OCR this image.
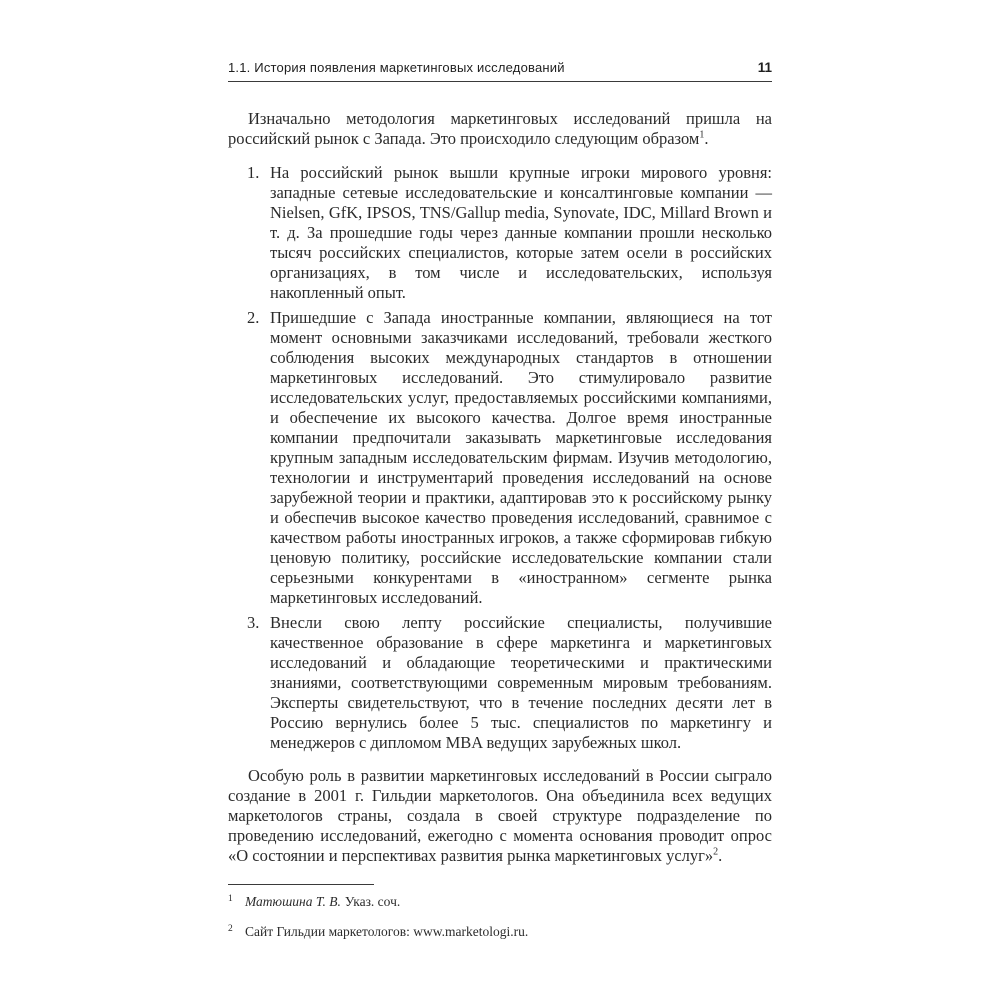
1.1. История появления маркетинговых исследований	11

Изначально методология маркетинговых исследований пришла на российский рынок с Запада. Это происходило следующим образом$^1$.

1. На российский рынок вышли крупные игроки мирового уровня: западные сетевые исследовательские и консалтинговые компании — Nielsen, GfK, IPSOS, TNS/Gallup media, Synovate, IDC, Millard Brown и т. д. За прошедшие годы через данные компании прошли несколько тысяч российских специалистов, которые затем осели в российских организациях, в том числе и исследовательских, используя накопленный опыт.
2. Пришедшие с Запада иностранные компании, являющиеся на тот момент основными заказчиками исследований, требовали жесткого соблюдения высоких международных стандартов в отношении маркетинговых исследований. Это стимулировало развитие исследовательских услуг, предоставляемых российскими компаниями, и обеспечение их высокого качества. Долгое время иностранные компании предпочитали заказывать маркетинговые исследования крупным западным исследовательским фирмам. Изучив методологию, технологии и инструментарий проведения исследований на основе зарубежной теории и практики, адаптировав это к российскому рынку и обеспечив высокое качество проведения исследований, сравнимое с качеством работы иностранных игроков, а также сформировав гибкую ценовую политику, российские исследовательские компании стали серьезными конкурентами в «иностранном» сегменте рынка маркетинговых исследований.
3. Внесли свою лепту российские специалисты, получившие качественное образование в сфере маркетинга и маркетинговых исследований и обладающие теоретическими и практическими знаниями, соответствующими современным мировым требованиям. Эксперты свидетельствуют, что в течение последних десяти лет в Россию вернулись более 5 тыс. специалистов по маркетингу и менеджеров с дипломом MBA ведущих зарубежных школ.

Особую роль в развитии маркетинговых исследований в России сыграло создание в 2001 г. Гильдии маркетологов. Она объединила всех ведущих маркетологов страны, создала в своей структуре подразделение по проведению исследований, ежегодно с момента основания проводит опрос «О состоянии и перспективах развития рынка маркетинговых услуг»$^2$.

1 Матюшина Т. В. Указ. соч.
2 Сайт Гильдии маркетологов: www.marketologi.ru.
